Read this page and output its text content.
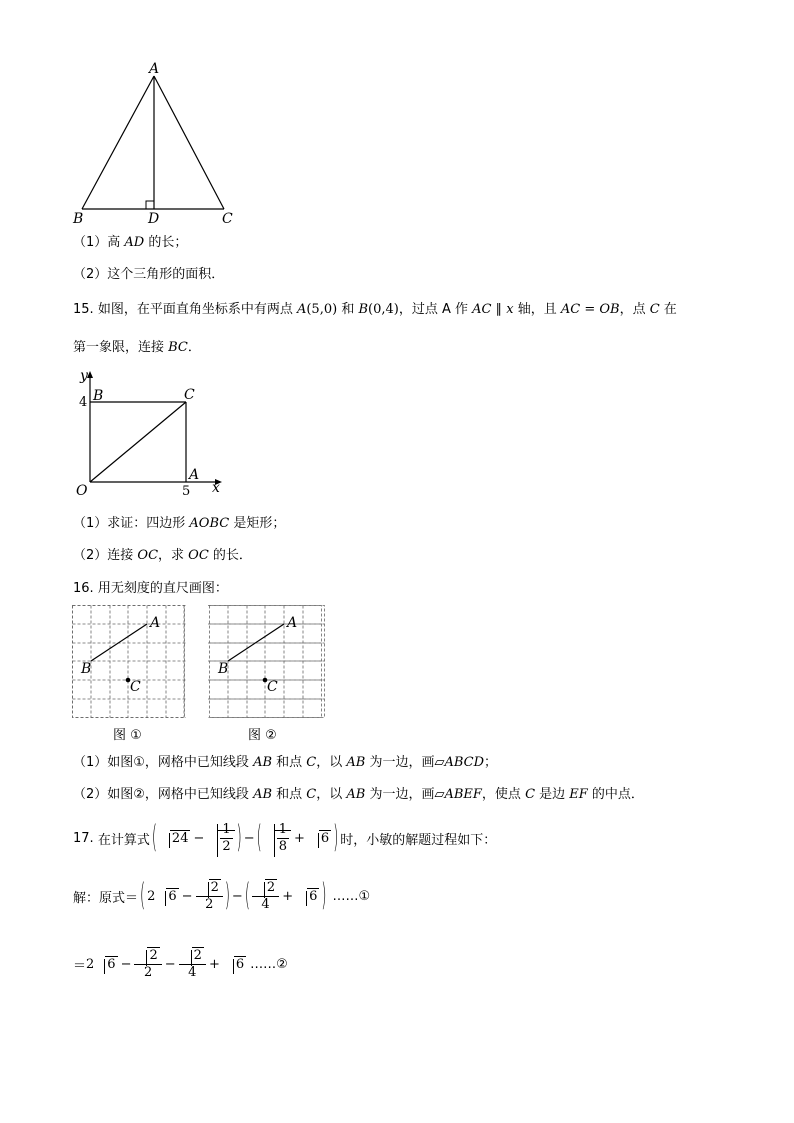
A
B	D	C
（1）高 AD 的长；
（2）这个三角形的面积．
15. 如图，在平面直角坐标系中有两点 A(5,0) 和 B(0,4)，过点 A 作 AC ∥ x 轴，且 AC = OB，点 C 在
第一象限，连接 BC．
y
x
O
4 B	C
A
5
（1）求证：四边形 AOBC 是矩形；
（2）连接 OC，求 OC 的长．
16. 用无刻度的直尺画图：
A
B
C
A
B
C
图 ①	图 ②
（1）如图①，网格中已知线段 AB 和点 C，以 AB 为一边，画▱ABCD；
（2）如图②，网格中已知线段 AB 和点 C，以 AB 为一边，画▱ABEF，使点 C 是边 EF 的中点．
17.
在计算式 (	$24 - \frac{1}{2}$ ) − ( $\frac{1}{8}$ +	6 ) 时，小敏的解题过程如下：
解：原式＝ ( 2	$6 - \frac{2}{2}$ ) − ( $\frac{2}{4}$ +	6 ) ……①
＝ 2	$6 - \frac{2}{2} - \frac{2}{4}$ +	6 ……②
